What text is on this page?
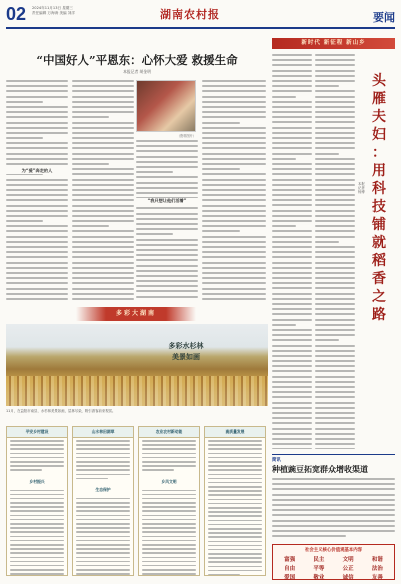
02 2024年11月13日 星期三
责任编辑 万海涛 美编 刘洋	湖南农村报	要闻
“中国好人”平恩东：心怀大爱 救援生命
本报记者 胡金明
为“爱”奔走的人
（资料图片）
“我只想让他们活着”
多彩大湖南
多彩水杉林
美景如画
11月，在益阳市南县，水杉林美景如画，层林尽染，吸引游客前来观赏。
平安乡村建设
乡村振兴
山水林田湖草
生态保护
农业农村新动能
乡风文明
高质量发展
新时代 新征程 新山乡
头
雁
夫
妇
：
用
科
技
铺
就
稻
香
之
路
本报记者 杨博
简讯
种植豌豆拓宽群众增收渠道
社会主义核心价值观基本内容
富强	民主	文明	和谐
自由	平等	公正	法治
爱国	敬业	诚信	友善
